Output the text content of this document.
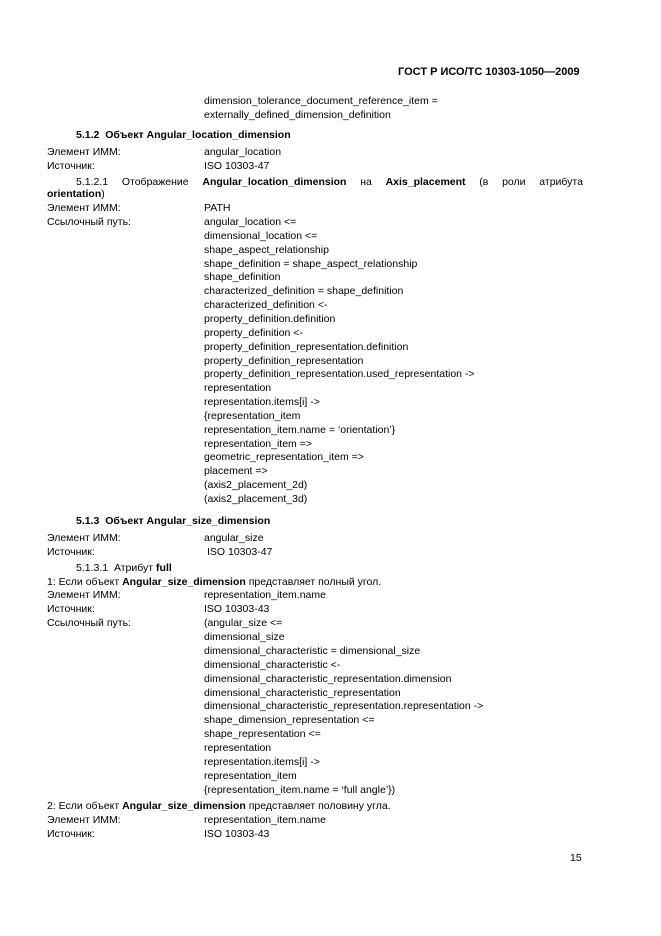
ГОСТ Р ИСО/ТС 10303-1050—2009
dimension_tolerance_document_reference_item =
externally_defined_dimension_definition
5.1.2 Объект Angular_location_dimension
Элемент ИММ:	angular_location
Источник:	ISO 10303-47
5.1.2.1 Отображение Angular_location_dimension на Axis_placement (в роли атрибута
orientation)
Элемент ИММ:	PATH
Ссылочный путь:	angular_location <=
dimensional_location <=
shape_aspect_relationship
shape_definition = shape_aspect_relationship
shape_definition
characterized_definition = shape_definition
characterized_definition <-
property_definition.definition
property_definition <-
property_definition_representation.definition
property_definition_representation
property_definition_representation.used_representation ->
representation
representation.items[i] ->
{representation_item
representation_item.name = ‘orientation’}
representation_item =>
geometric_representation_item =>
placement =>
(axis2_placement_2d)
(axis2_placement_3d)
5.1.3 Объект Angular_size_dimension
Элемент ИММ:	angular_size
Источник:	ISO 10303-47
5.1.3.1 Атрибут full
1: Если объект Angular_size_dimension представляет полный угол.
Элемент ИММ:	representation_item.name
Источник:	ISO 10303-43
Ссылочный путь:	(angular_size <=
dimensional_size
dimensional_characteristic = dimensional_size
dimensional_characteristic <-
dimensional_characteristic_representation.dimension
dimensional_characteristic_representation
dimensional_characteristic_representation.representation ->
shape_dimension_representation <=
shape_representation <=
representation
representation.items[i] ->
representation_item
{representation_item.name = ‘full angle’})
2: Если объект Angular_size_dimension представляет половину угла.
Элемент ИММ:	representation_item.name
Источник:	ISO 10303-43
15
